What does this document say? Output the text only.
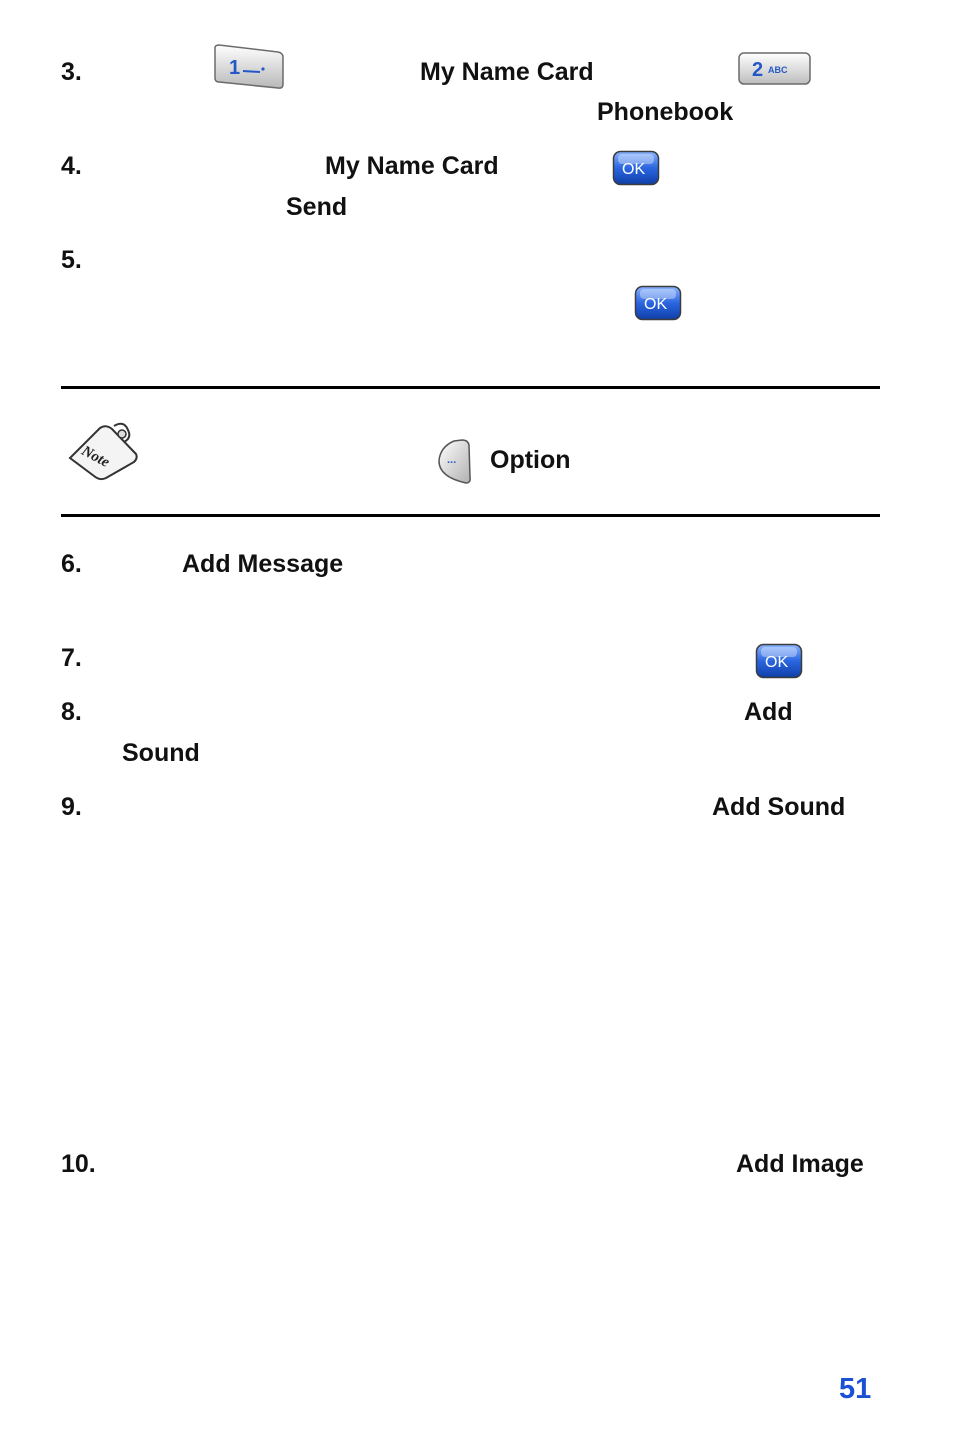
3.	1	My Name Card	2 ABC
Phonebook
4.	My Name Card	OK
Send
5.
OK
Note	... Option
6.	Add Message
7.	OK
8.	Add
Sound
9.	Add Sound
10.	Add Image
51
